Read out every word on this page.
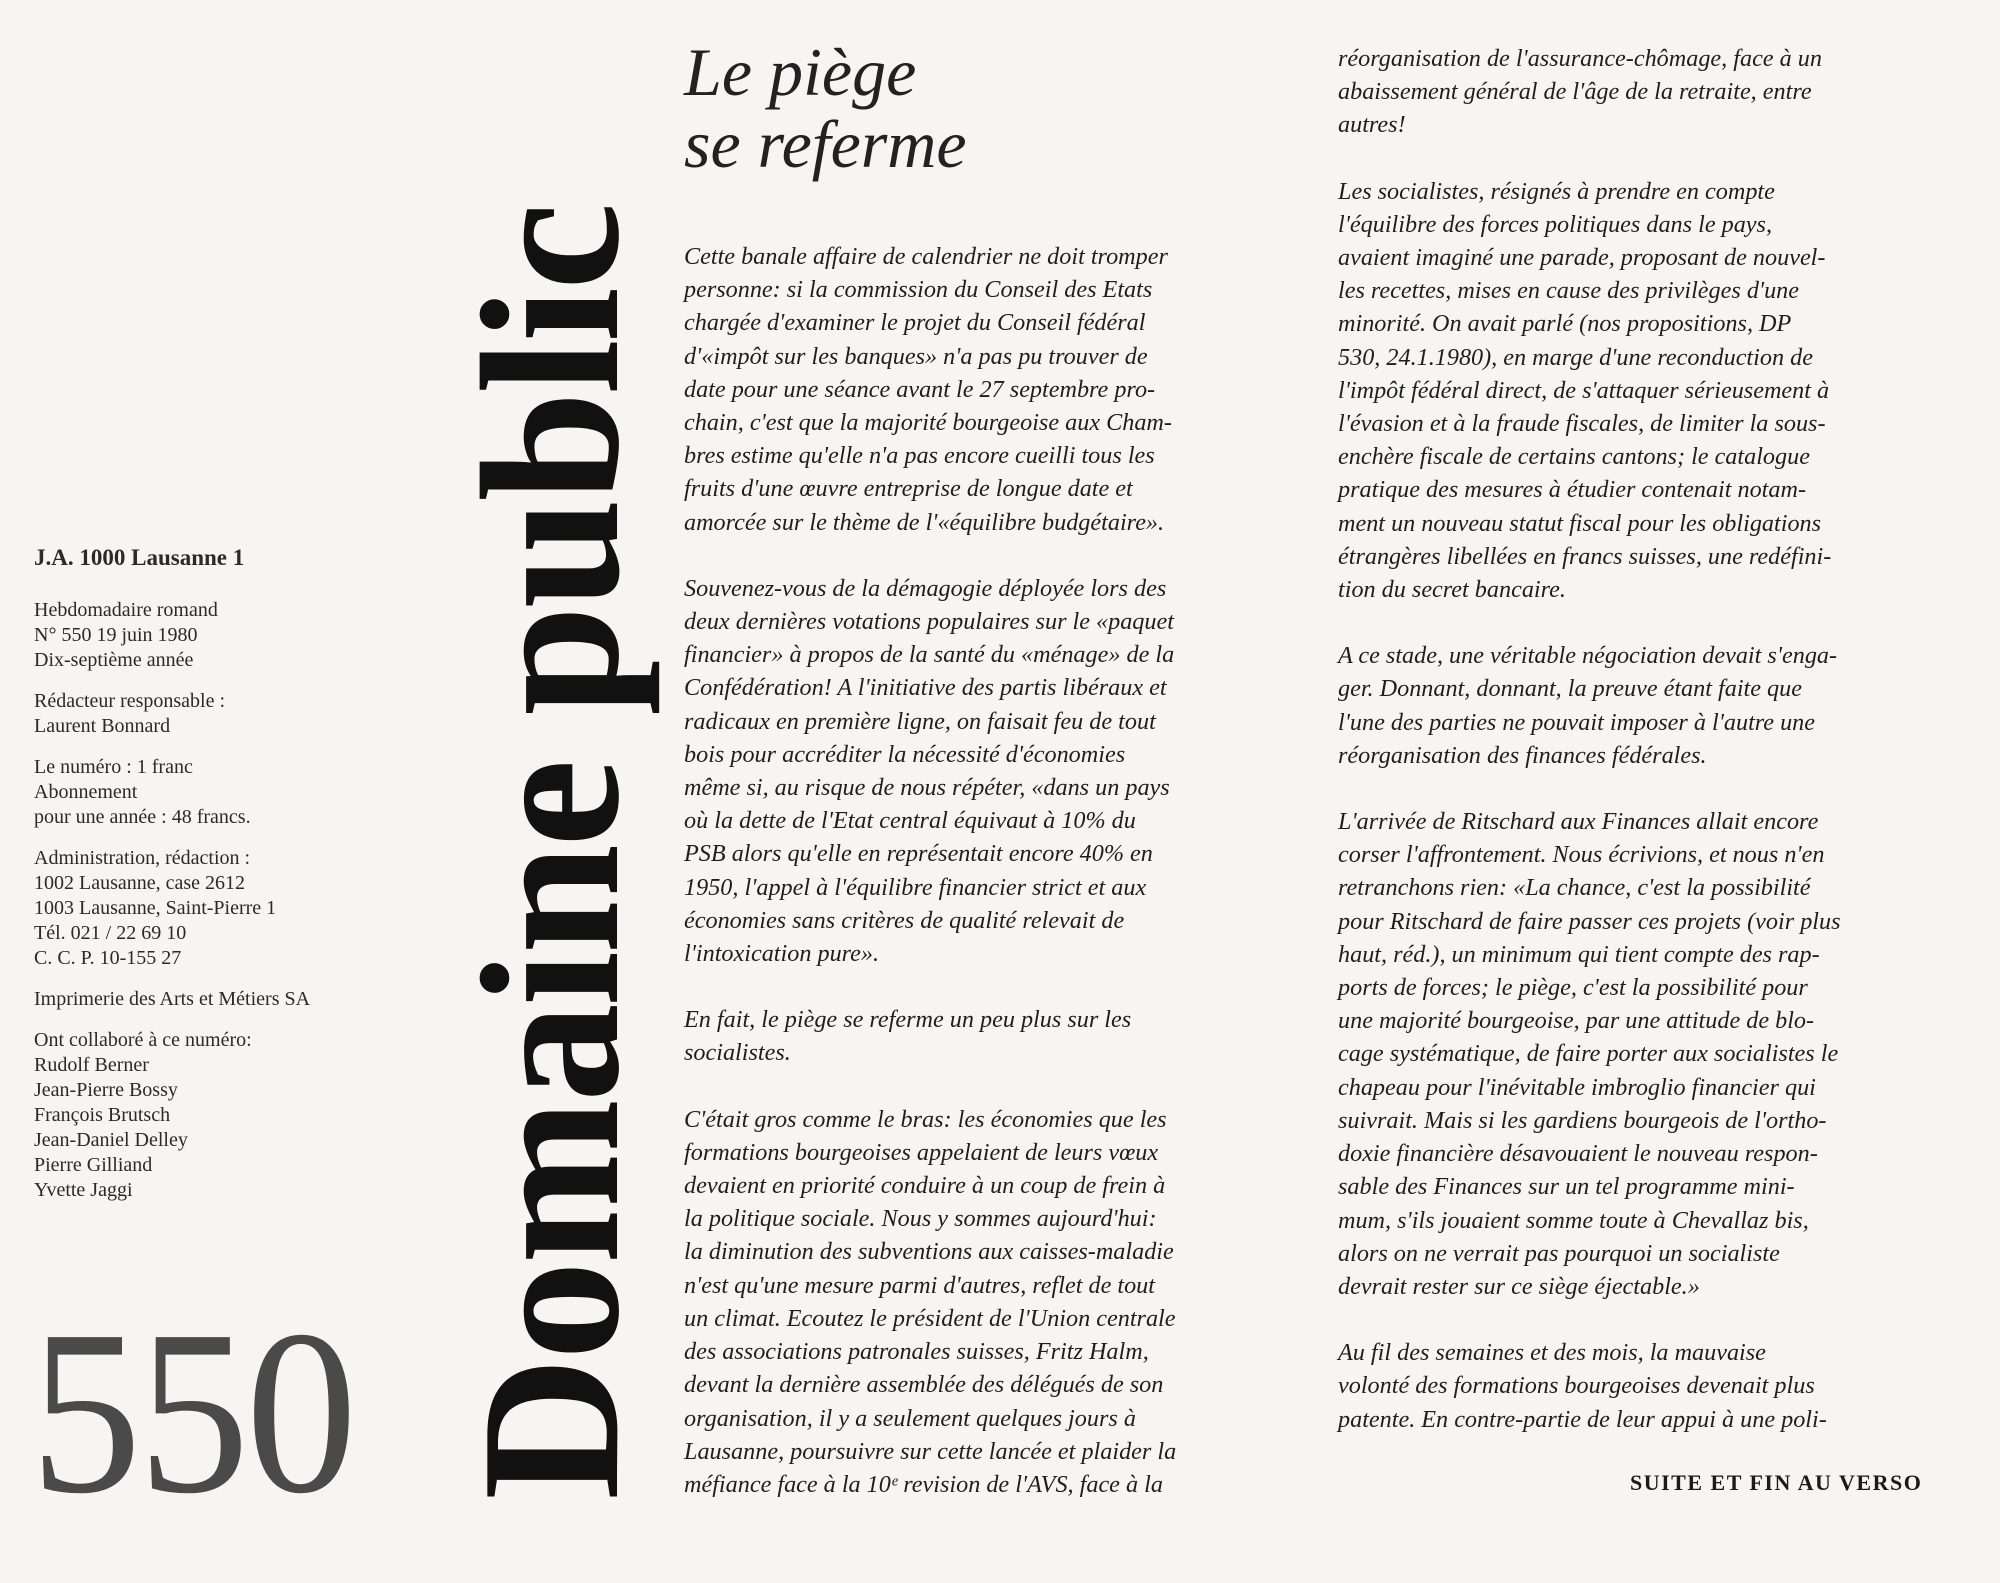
J.A. 1000 Lausanne 1
Hebdomadaire romand
N° 550 19 juin 1980
Dix-septième année
Rédacteur responsable :
Laurent Bonnard
Le numéro : 1 franc
Abonnement
pour une année : 48 francs.
Administration, rédaction :
1002 Lausanne, case 2612
1003 Lausanne, Saint-Pierre 1
Tél. 021 / 22 69 10
C. C. P. 10-155 27
Imprimerie des Arts et Métiers SA
Ont collaboré à ce numéro:
Rudolf Berner
Jean-Pierre Bossy
François Brutsch
Jean-Daniel Delley
Pierre Gilliand
Yvette Jaggi
550 Domaine public
Le piège
se referme

Cette banale affaire de calendrier ne doit tromper
personne: si la commission du Conseil des Etats
chargée d'examiner le projet du Conseil fédéral
d'«impôt sur les banques» n'a pas pu trouver de
date pour une séance avant le 27 septembre pro-
chain, c'est que la majorité bourgeoise aux Cham-
bres estime qu'elle n'a pas encore cueilli tous les
fruits d'une œuvre entreprise de longue date et
amorcée sur le thème de l'«équilibre budgétaire».

Souvenez-vous de la démagogie déployée lors des
deux dernières votations populaires sur le «paquet
financier» à propos de la santé du «ménage» de la
Confédération! A l'initiative des partis libéraux et
radicaux en première ligne, on faisait feu de tout
bois pour accréditer la nécessité d'économies
même si, au risque de nous répéter, «dans un pays
où la dette de l'Etat central équivaut à 10% du
PSB alors qu'elle en représentait encore 40% en
1950, l'appel à l'équilibre financier strict et aux
économies sans critères de qualité relevait de
l'intoxication pure».

En fait, le piège se referme un peu plus sur les
socialistes.

C'était gros comme le bras: les économies que les
formations bourgeoises appelaient de leurs vœux
devaient en priorité conduire à un coup de frein à
la politique sociale. Nous y sommes aujourd'hui:
la diminution des subventions aux caisses-maladie
n'est qu'une mesure parmi d'autres, reflet de tout
un climat. Ecoutez le président de l'Union centrale
des associations patronales suisses, Fritz Halm,
devant la dernière assemblée des délégués de son
organisation, il y a seulement quelques jours à
Lausanne, poursuivre sur cette lancée et plaider la
méfiance face à la 10ᵉ revision de l'AVS, face à la

réorganisation de l'assurance-chômage, face à un
abaissement général de l'âge de la retraite, entre
autres!

Les socialistes, résignés à prendre en compte
l'équilibre des forces politiques dans le pays,
avaient imaginé une parade, proposant de nouvel-
les recettes, mises en cause des privilèges d'une
minorité. On avait parlé (nos propositions, DP
530, 24.1.1980), en marge d'une reconduction de
l'impôt fédéral direct, de s'attaquer sérieusement à
l'évasion et à la fraude fiscales, de limiter la sous-
enchère fiscale de certains cantons; le catalogue
pratique des mesures à étudier contenait notam-
ment un nouveau statut fiscal pour les obligations
étrangères libellées en francs suisses, une redéfini-
tion du secret bancaire.

A ce stade, une véritable négociation devait s'enga-
ger. Donnant, donnant, la preuve étant faite que
l'une des parties ne pouvait imposer à l'autre une
réorganisation des finances fédérales.

L'arrivée de Ritschard aux Finances allait encore
corser l'affrontement. Nous écrivions, et nous n'en
retranchons rien: «La chance, c'est la possibilité
pour Ritschard de faire passer ces projets (voir plus
haut, réd.), un minimum qui tient compte des rap-
ports de forces; le piège, c'est la possibilité pour
une majorité bourgeoise, par une attitude de blo-
cage systématique, de faire porter aux socialistes le
chapeau pour l'inévitable imbroglio financier qui
suivrait. Mais si les gardiens bourgeois de l'ortho-
doxie financière désavouaient le nouveau respon-
sable des Finances sur un tel programme mini-
mum, s'ils jouaient somme toute à Chevallaz bis,
alors on ne verrait pas pourquoi un socialiste
devrait rester sur ce siège éjectable.»

Au fil des semaines et des mois, la mauvaise
volonté des formations bourgeoises devenait plus
patente. En contre-partie de leur appui à une poli-

SUITE ET FIN AU VERSO
